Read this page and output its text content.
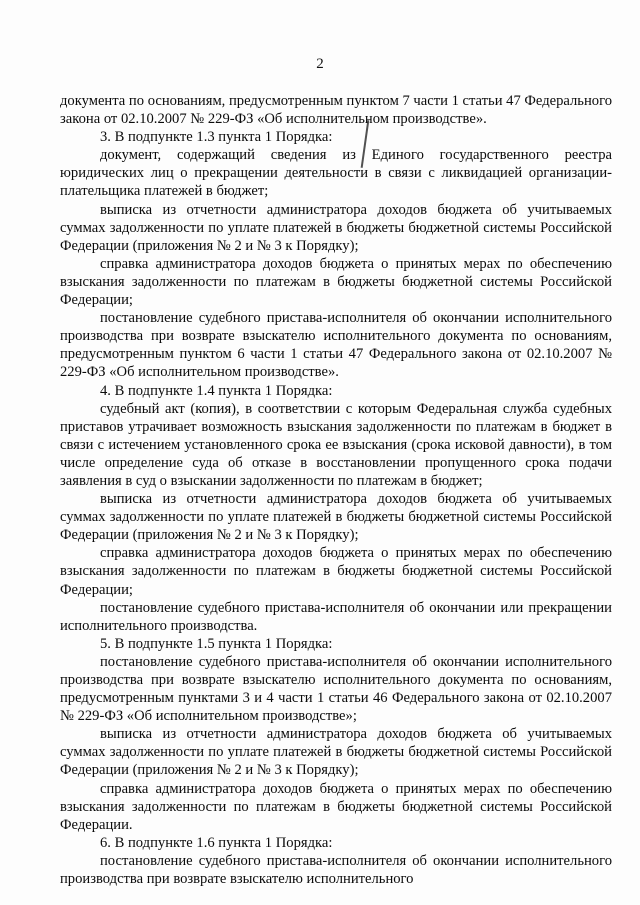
2

документа по основаниям, предусмотренным пунктом 7 части 1 статьи 47 Федерального закона от 02.10.2007 № 229-ФЗ «Об исполнительном производстве».

3. В подпункте 1.3 пункта 1 Порядка:

документ, содержащий сведения из Единого государственного реестра юридических лиц о прекращении деятельности в связи с ликвидацией организации-плательщика платежей в бюджет;

выписка из отчетности администратора доходов бюджета об учитываемых суммах задолженности по уплате платежей в бюджеты бюджетной системы Российской Федерации (приложения № 2 и № 3 к Порядку);

справка администратора доходов бюджета о принятых мерах по обеспечению взыскания задолженности по платежам в бюджеты бюджетной системы Российской Федерации;

постановление судебного пристава-исполнителя об окончании исполнительного производства при возврате взыскателю исполнительного документа по основаниям, предусмотренным пунктом 6 части 1 статьи 47 Федерального закона от 02.10.2007 № 229-ФЗ «Об исполнительном производстве».

4. В подпункте 1.4 пункта 1 Порядка:

судебный акт (копия), в соответствии с которым Федеральная служба судебных приставов утрачивает возможность взыскания задолженности по платежам в бюджет в связи с истечением установленного срока ее взыскания (срока исковой давности), в том числе определение суда об отказе в восстановлении пропущенного срока подачи заявления в суд о взыскании задолженности по платежам в бюджет;

выписка из отчетности администратора доходов бюджета об учитываемых суммах задолженности по уплате платежей в бюджеты бюджетной системы Российской Федерации (приложения № 2 и № 3 к Порядку);

справка администратора доходов бюджета о принятых мерах по обеспечению взыскания задолженности по платежам в бюджеты бюджетной системы Российской Федерации;

постановление судебного пристава-исполнителя об окончании или прекращении исполнительного производства.

5. В подпункте 1.5 пункта 1 Порядка:

постановление судебного пристава-исполнителя об окончании исполнительного производства при возврате взыскателю исполнительного документа по основаниям, предусмотренным пунктами 3 и 4 части 1 статьи 46 Федерального закона от 02.10.2007 № 229-ФЗ «Об исполнительном производстве»;

выписка из отчетности администратора доходов бюджета об учитываемых суммах задолженности по уплате платежей в бюджеты бюджетной системы Российской Федерации (приложения № 2 и № 3 к Порядку);

справка администратора доходов бюджета о принятых мерах по обеспечению взыскания задолженности по платежам в бюджеты бюджетной системы Российской Федерации.

6. В подпункте 1.6 пункта 1 Порядка:

постановление судебного пристава-исполнителя об окончании исполнительного производства при возврате взыскателю исполнительного
